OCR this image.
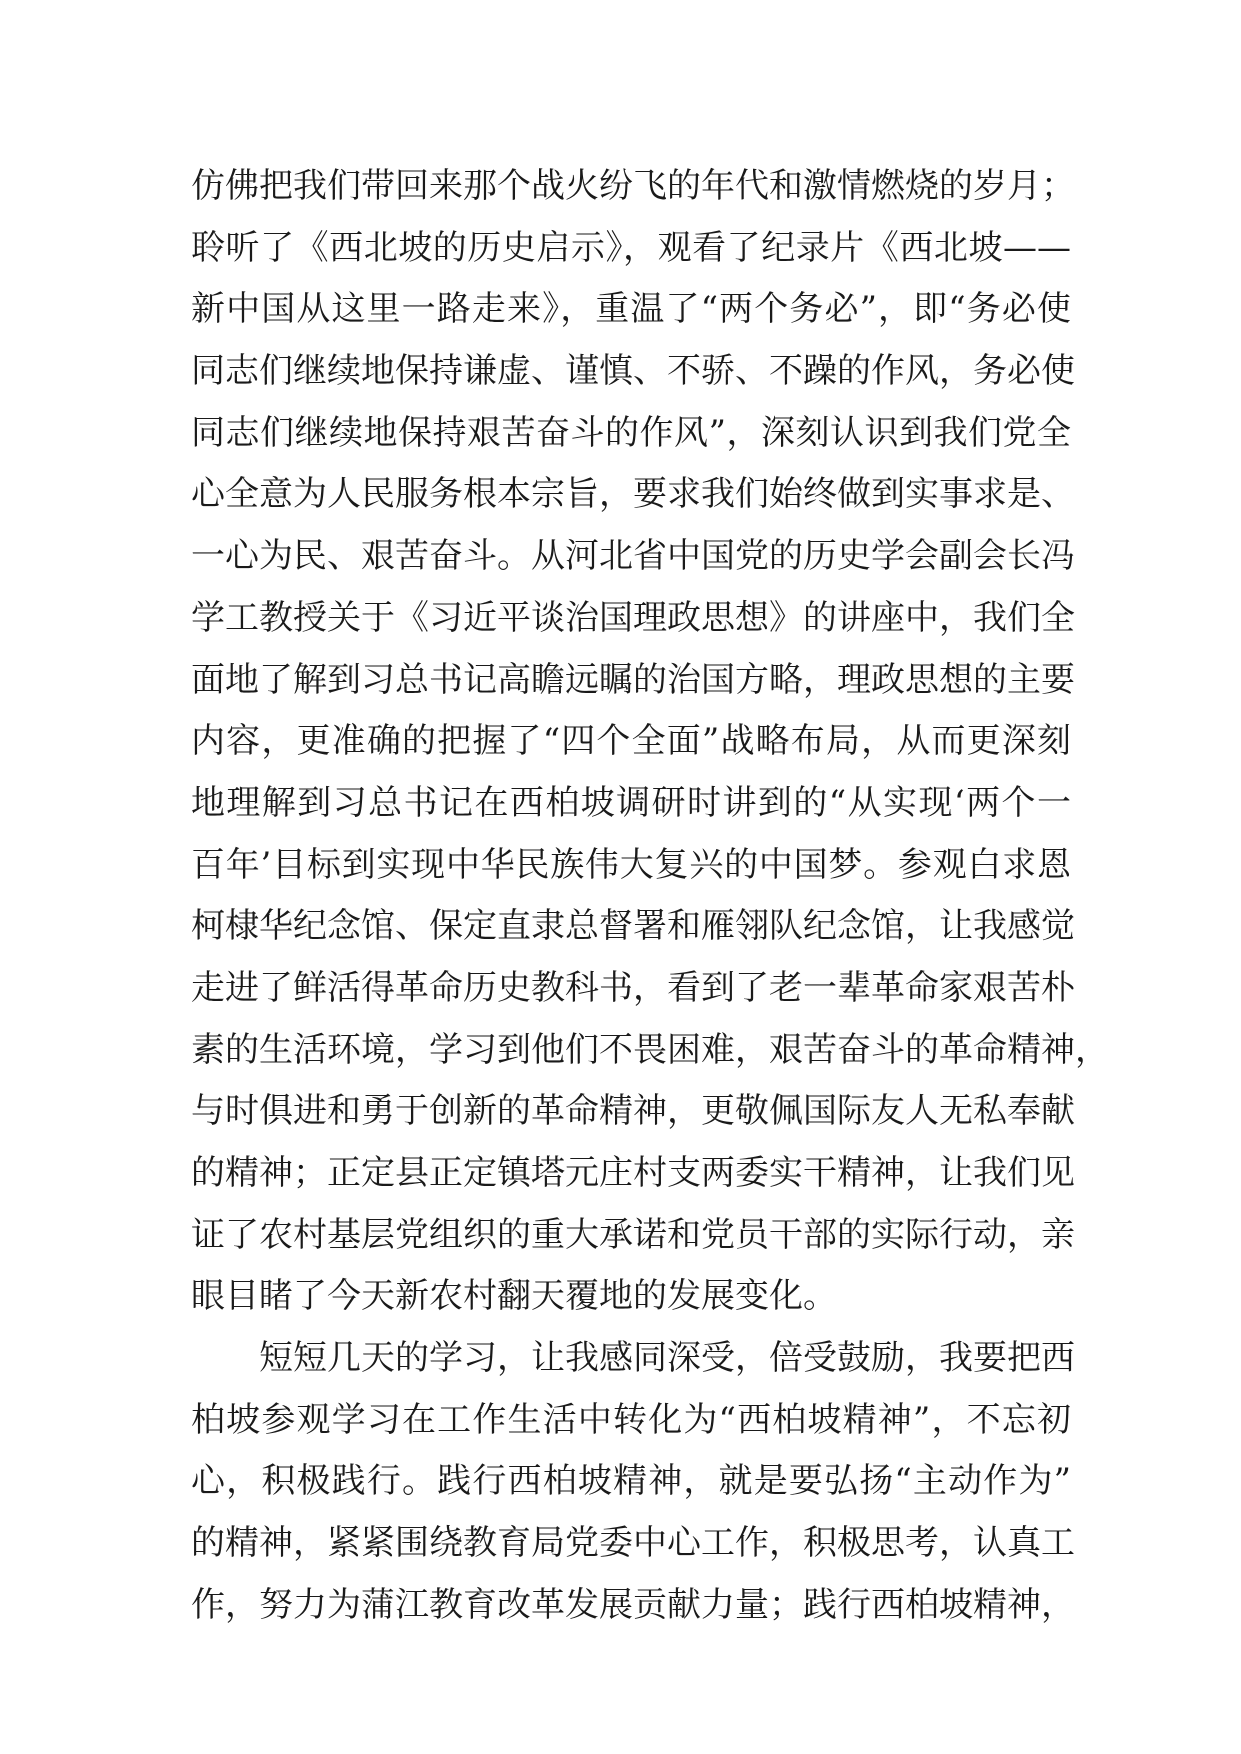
仿佛把我们带回来那个战火纷飞的年代和激情燃烧的岁月；
聆听了《西北坡的历史启示》，观看了纪录片《西北坡——
新中国从这里一路走来》，重温了“两个务必”，即“务必使
同志们继续地保持谦虚、谨慎、不骄、不躁的作风，务必使
同志们继续地保持艰苦奋斗的作风”，深刻认识到我们党全
心全意为人民服务根本宗旨，要求我们始终做到实事求是、
一心为民、艰苦奋斗。从河北省中国党的历史学会副会长冯
学工教授关于《习近平谈治国理政思想》的讲座中，我们全
面地了解到习总书记高瞻远瞩的治国方略，理政思想的主要
内容，更准确的把握了“四个全面”战略布局，从而更深刻
地理解到习总书记在西柏坡调研时讲到的“从实现‘两个一
百年’目标到实现中华民族伟大复兴的中国梦。参观白求恩
柯棣华纪念馆、保定直隶总督署和雁翎队纪念馆，让我感觉
走进了鲜活得革命历史教科书，看到了老一辈革命家艰苦朴
素的生活环境，学习到他们不畏困难，艰苦奋斗的革命精神，
与时俱进和勇于创新的革命精神，更敬佩国际友人无私奉献
的精神；正定县正定镇塔元庄村支两委实干精神，让我们见
证了农村基层党组织的重大承诺和党员干部的实际行动，亲
眼目睹了今天新农村翻天覆地的发展变化。
短短几天的学习，让我感同深受，倍受鼓励，我要把西
柏坡参观学习在工作生活中转化为“西柏坡精神”，不忘初
心，积极践行。践行西柏坡精神，就是要弘扬“主动作为”
的精神，紧紧围绕教育局党委中心工作，积极思考，认真工
作，努力为蒲江教育改革发展贡献力量；践行西柏坡精神，
